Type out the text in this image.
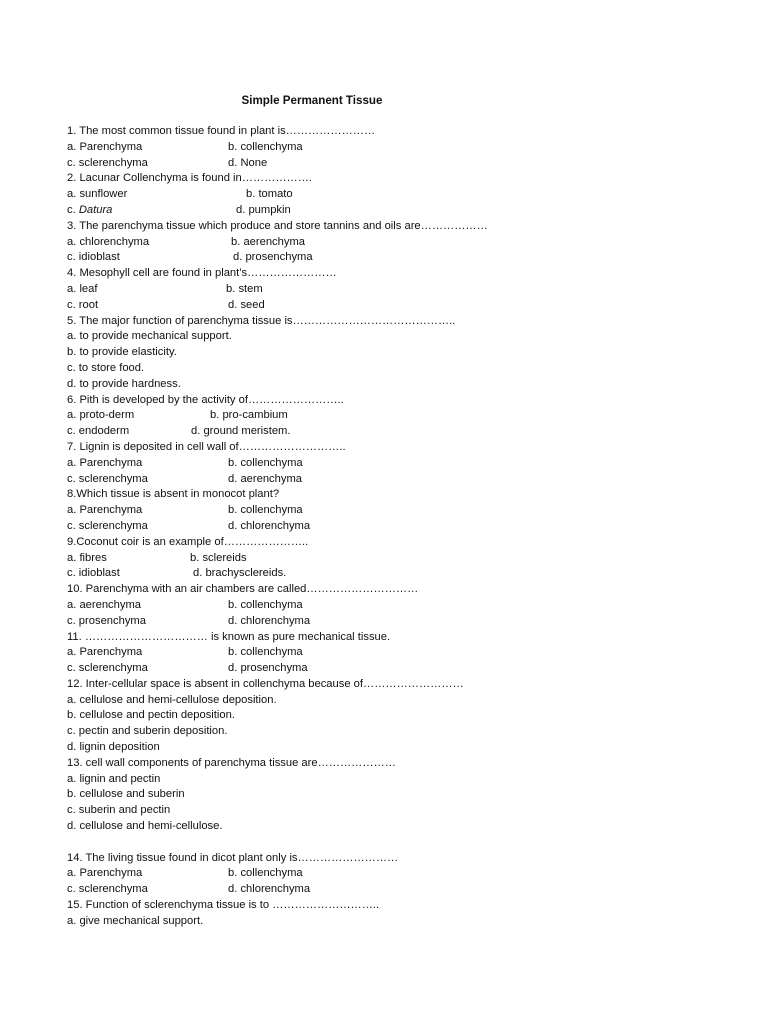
Simple Permanent Tissue
1. The most common tissue found in plant is……………………
a. Parenchyma	b. collenchyma
c. sclerenchyma	d. None
2. Lacunar Collenchyma is found in……………….
a. sunflower	b. tomato
c. Datura	d. pumpkin
3. The parenchyma tissue which produce and store tannins and oils are………………
a. chlorenchyma	b. aerenchyma
c. idioblast	d. prosenchyma
4. Mesophyll cell are found in plant’s……………………
a. leaf	b. stem
c. root	d. seed
5. The major function of parenchyma tissue is……………………………………..
a. to provide mechanical support.
b. to provide elasticity.
c. to store food.
d. to provide hardness.
6. Pith is developed by the activity of……………………..
a. proto-derm	b. pro-cambium
c. endoderm	d. ground meristem.
7. Lignin is deposited in cell wall of………………………..
a. Parenchyma	b. collenchyma
c. sclerenchyma	d. aerenchyma
8.Which tissue is absent in monocot plant?
a. Parenchyma	b. collenchyma
c. sclerenchyma	d. chlorenchyma
9.Coconut coir is an example of…………………..
a. fibres	b. sclereids
c. idioblast	d. brachysclereids.
10. Parenchyma with an air chambers are called…………………………
a. aerenchyma	b. collenchyma
c. prosenchyma	d. chlorenchyma
11. …………………………… is known as pure mechanical tissue.
a. Parenchyma	b. collenchyma
c. sclerenchyma	d. prosenchyma
12. Inter-cellular space is absent in collenchyma because of………………………
a. cellulose and hemi-cellulose deposition.
b. cellulose and pectin deposition.
c. pectin and suberin deposition.
d. lignin deposition
13. cell wall components of parenchyma tissue are…………………
a. lignin and pectin
b. cellulose and suberin
c. suberin and pectin
d. cellulose and hemi-cellulose.
14. The living tissue found in dicot plant only is………………………
a. Parenchyma	b. collenchyma
c. sclerenchyma	d. chlorenchyma
15. Function of sclerenchyma tissue is to ………………………..
a. give mechanical support.
